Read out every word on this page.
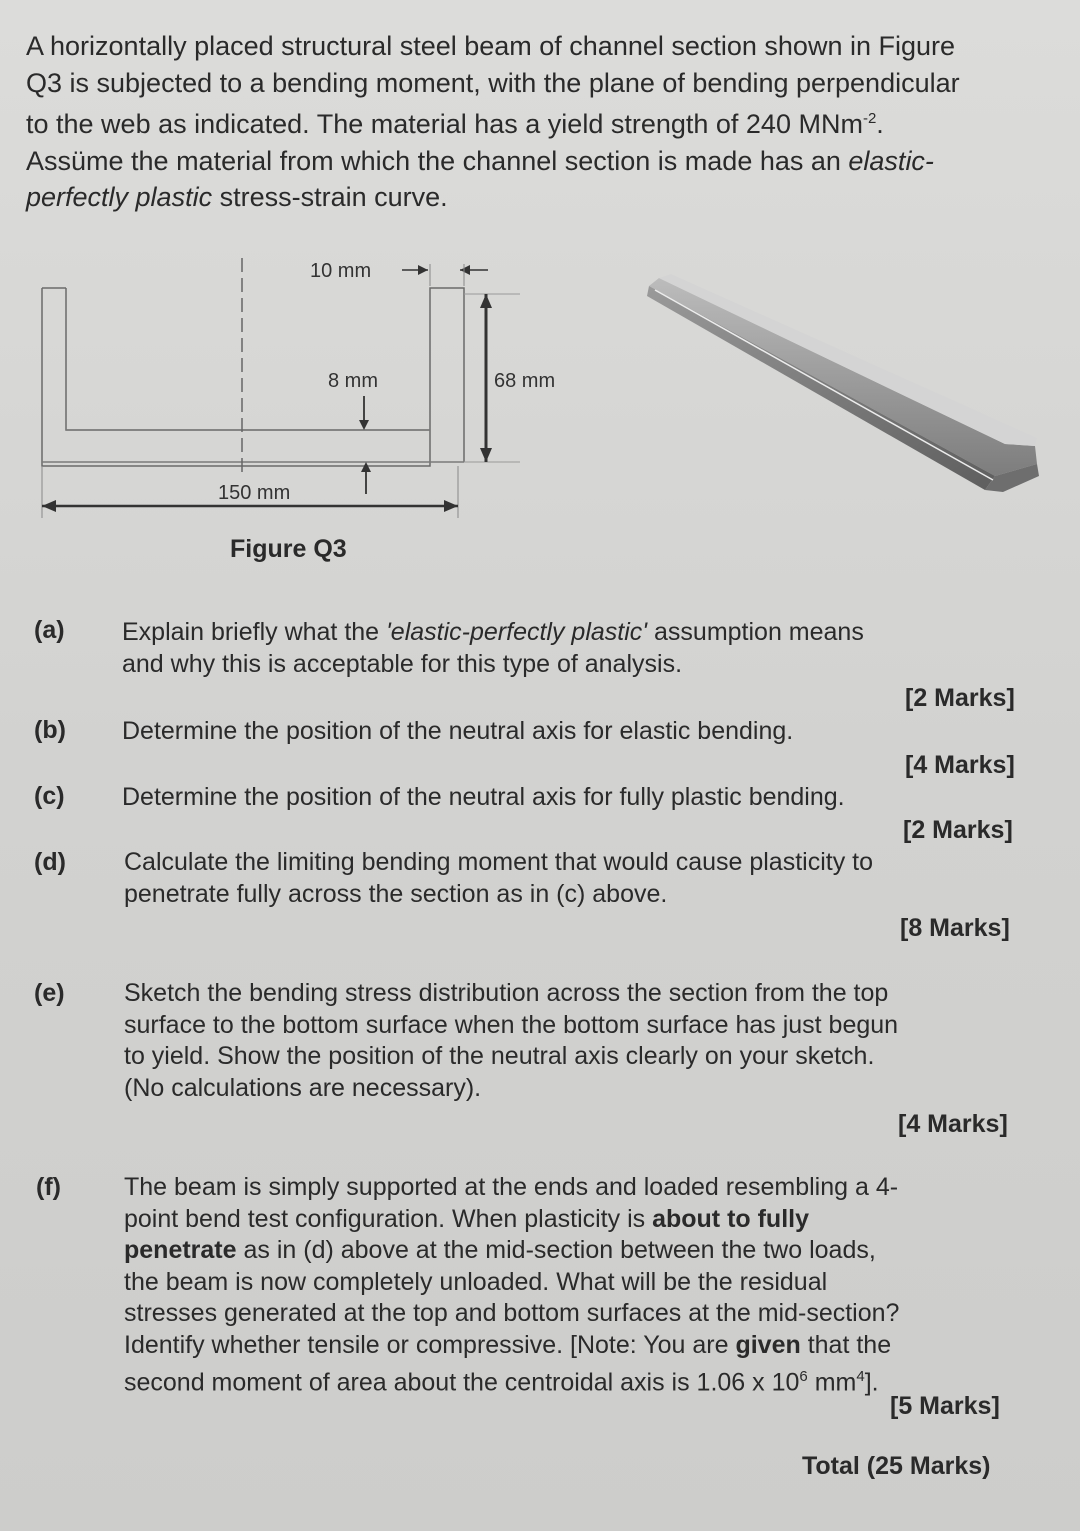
A horizontally placed structural steel beam of channel section shown in Figure
Q3 is subjected to a bending moment, with the plane of bending perpendicular
to the web as indicated. The material has a yield strength of 240 MNm$^{-2}$.
Assüme the material from which the channel section is made has an elastic-
perfectly plastic stress-strain curve.
10 mm
68 mm
8 mm
150 mm
Figure Q3
(a) Explain briefly what the 'elastic-perfectly plastic' assumption means
and why this is acceptable for this type of analysis.
[2 Marks]
(b) Determine the position of the neutral axis for elastic bending.
[4 Marks]
(c) Determine the position of the neutral axis for fully plastic bending.
[2 Marks]
(d) Calculate the limiting bending moment that would cause plasticity to
penetrate fully across the section as in (c) above.
[8 Marks]
(e) Sketch the bending stress distribution across the section from the top
surface to the bottom surface when the bottom surface has just begun
to yield. Show the position of the neutral axis clearly on your sketch.
(No calculations are necessary).
[4 Marks]
(f)	The beam is simply supported at the ends and loaded resembling a 4-
point bend test configuration. When plasticity is about to fully
penetrate as in (d) above at the mid-section between the two loads,
the beam is now completely unloaded. What will be the residual
stresses generated at the top and bottom surfaces at the mid-section?
Identify whether tensile or compressive. [Note: You are given that the
second moment of area about the centroidal axis is 1.06 x $10^6$ $mm^4$].
[5 Marks]
Total (25 Marks)
